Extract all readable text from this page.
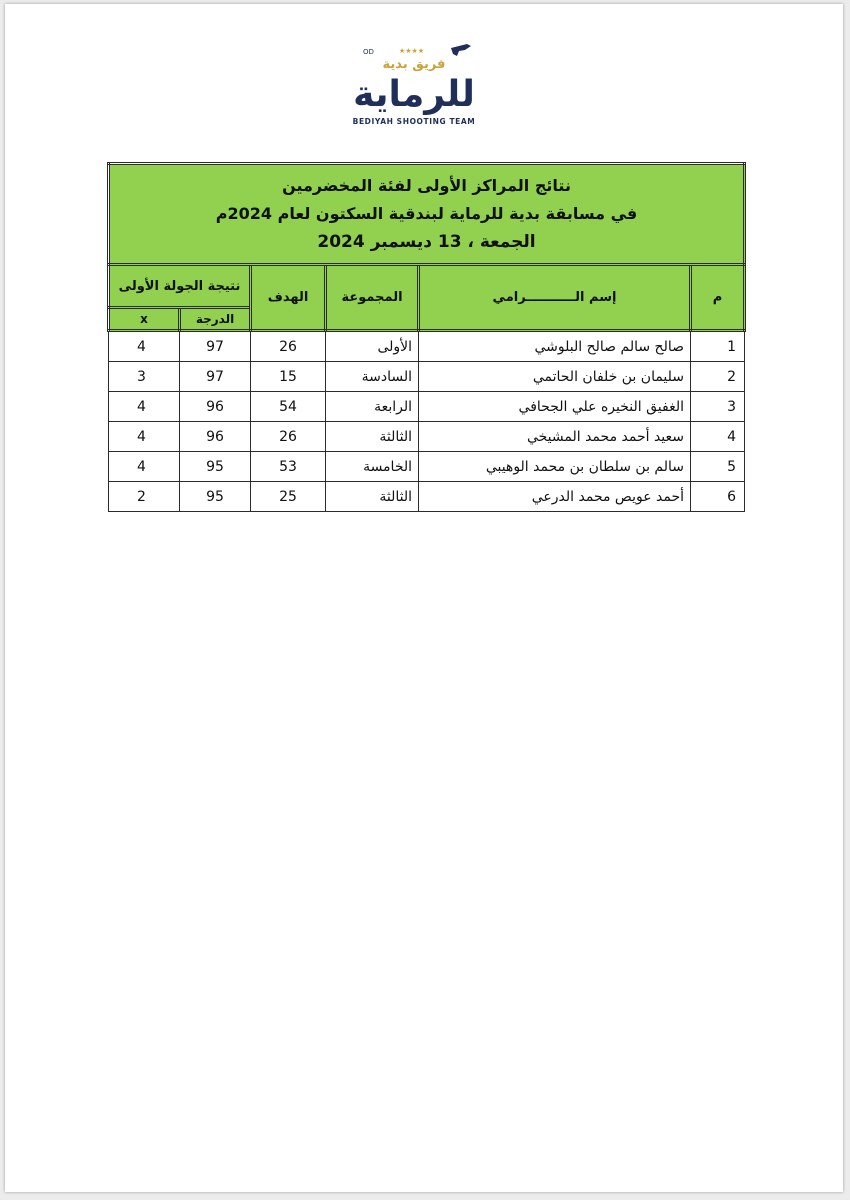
★★★★
OD
فريق بدية
للرماية
BEDIYAH SHOOTING TEAM
نتائج المراكز الأولى لفئة المخضرمين
في مسابقة بدية للرماية لبندقية السكتون لعام 2024م
الجمعة ، 13 ديسمبر 2024					

م	إسم الـــــــــــرامي	المجموعة	الهدف	نتيجة الجولة الأولى	
				الدرجة	x
1	صالح سالم صالح البلوشي	الأولى	26	97	4
2	سليمان بن خلفان الحاتمي	السادسة	15	97	3
3	الغفيق النخيره علي الجحافي	الرابعة	54	96	4
4	سعيد أحمد محمد المشيخي	الثالثة	26	96	4
5	سالم بن سلطان بن محمد الوهيبي	الخامسة	53	95	4
6	أحمد عويص محمد الدرعي	الثالثة	25	95	2
